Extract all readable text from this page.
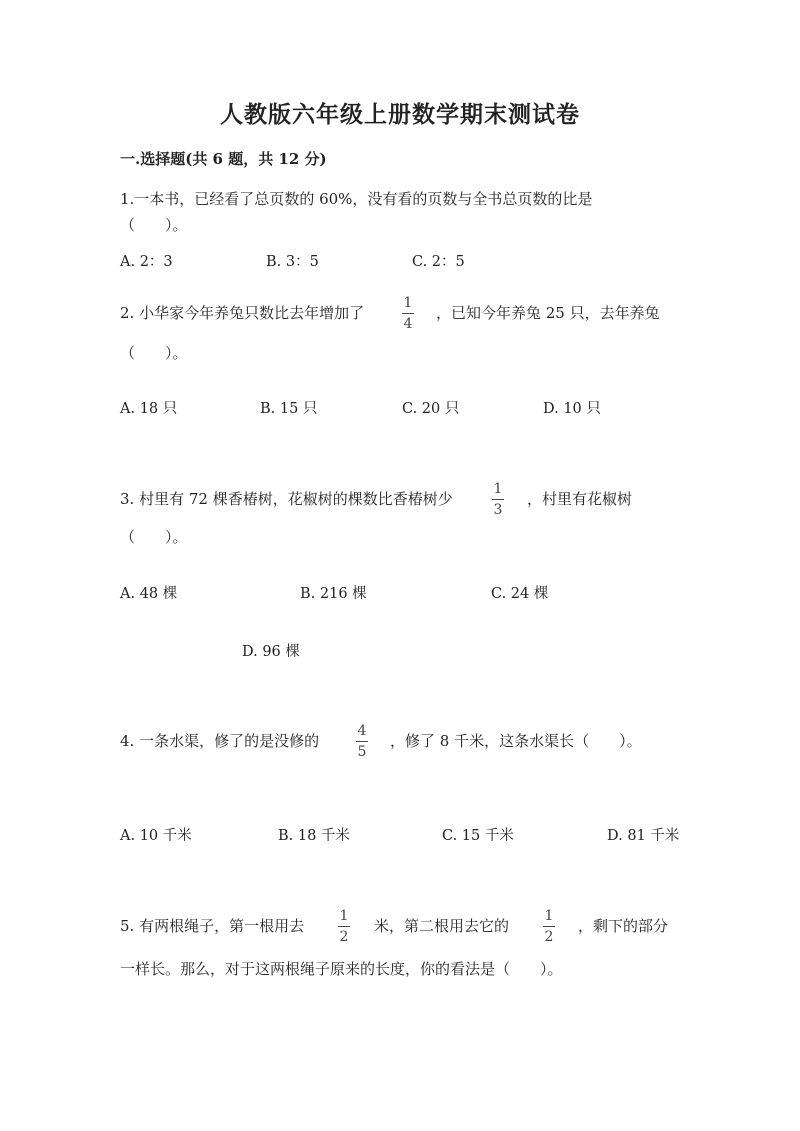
人教版六年级上册数学期末测试卷
一.选择题(共 6 题，共 12 分)
1.一本书，已经看了总页数的 60%，没有看的页数与全书总页数的比是
（　　）。
A. 2：3	B. 3：5	C. 2：5
2. 小华家今年养兔只数比去年增加了
1
4
，已知今年养兔 25 只，去年养兔
（　　）。
A. 18 只	B. 15 只	C. 20 只	D. 10 只
3. 村里有 72 棵香椿树，花椒树的棵数比香椿树少
1
3
，村里有花椒树
（　　）。
A. 48 棵	B. 216 棵	C. 24 棵
D. 96 棵
4. 一条水渠，修了的是没修的
4
5
，修了 8 千米，这条水渠长（　　）。
A. 10 千米	B. 18 千米	C. 15 千米	D. 81 千米
5. 有两根绳子，第一根用去
1
2
米，第二根用去它的
1
2
，剩下的部分
一样长。那么，对于这两根绳子原来的长度，你的看法是（　　）。
